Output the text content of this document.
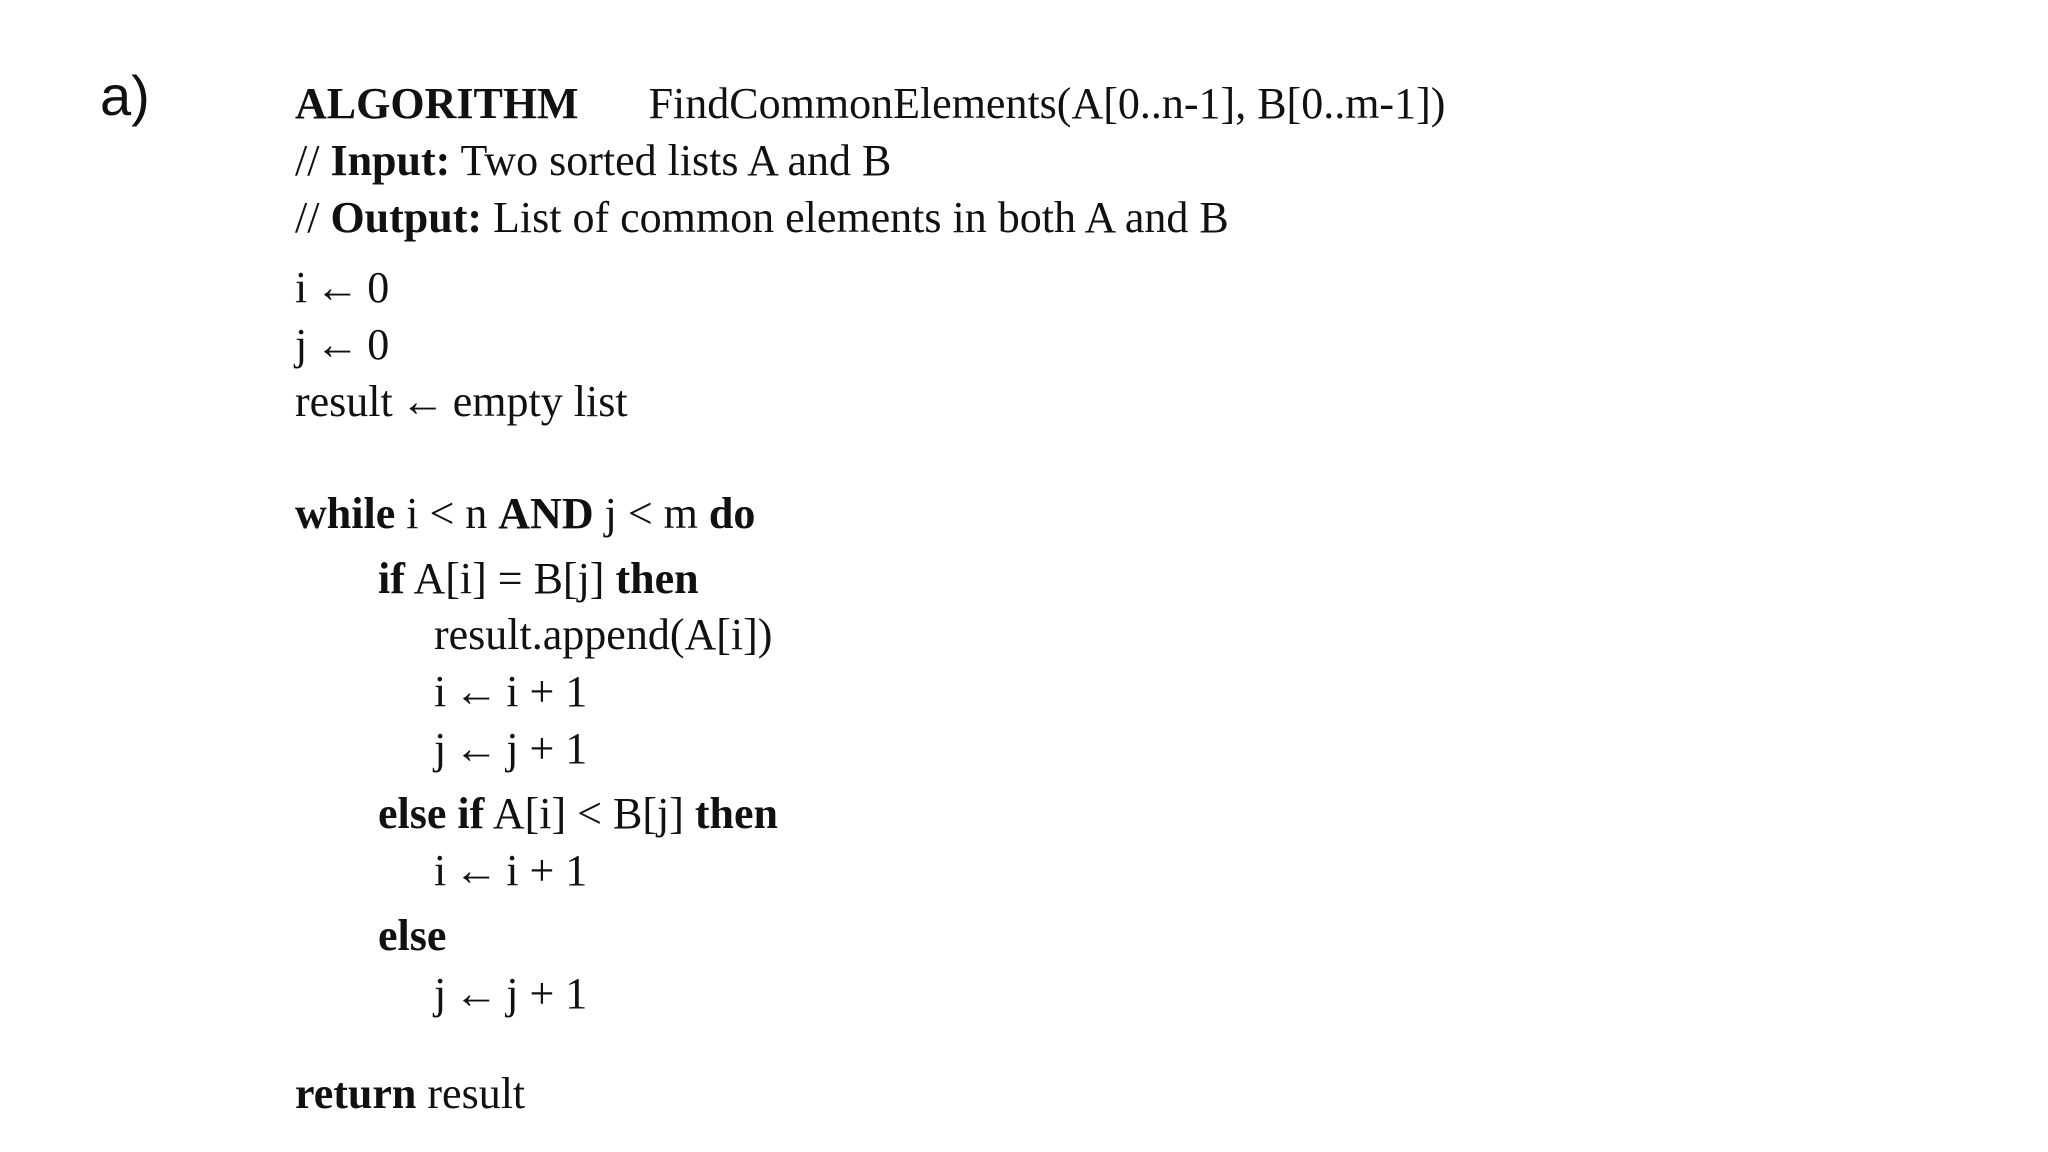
a)	ALGORITHM FindCommonElements(A[0..n-1], B[0..m-1])
// Input: Two sorted lists A and B
// Output: List of common elements in both A and B
i ← 0
j ← 0
result ← empty list
while i < n AND j < m do
if A[i] = B[j] then
result.append(A[i])
i ← i + 1
j ← j + 1
else if A[i] < B[j] then
i ← i + 1
else
j ← j + 1
return result
